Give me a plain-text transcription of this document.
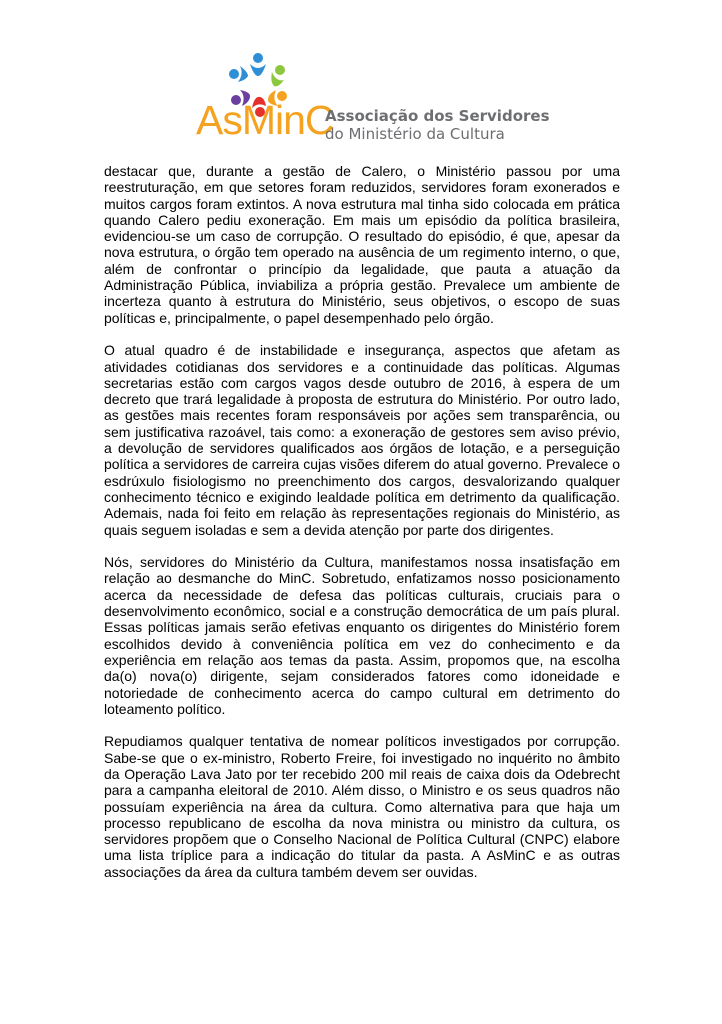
AsMinC
Associação dos Servidores
do Ministério da Cultura

destacar que, durante a gestão de Calero, o Ministério passou por uma reestruturação, em que setores foram reduzidos, servidores foram exonerados e muitos cargos foram extintos. A nova estrutura mal tinha sido colocada em prática quando Calero pediu exoneração. Em mais um episódio da política brasileira, evidenciou-se um caso de corrupção. O resultado do episódio, é que, apesar da nova estrutura, o órgão tem operado na ausência de um regimento interno, o que, além de confrontar o princípio da legalidade, que pauta a atuação da Administração Pública, inviabiliza a própria gestão. Prevalece um ambiente de incerteza quanto à estrutura do Ministério, seus objetivos, o escopo de suas políticas e, principalmente, o papel desempenhado pelo órgão.

O atual quadro é de instabilidade e insegurança, aspectos que afetam as atividades cotidianas dos servidores e a continuidade das políticas. Algumas secretarias estão com cargos vagos desde outubro de 2016, à espera de um decreto que trará legalidade à proposta de estrutura do Ministério. Por outro lado, as gestões mais recentes foram responsáveis por ações sem transparência, ou sem justificativa razoável, tais como: a exoneração de gestores sem aviso prévio, a devolução de servidores qualificados aos órgãos de lotação, e a perseguição política a servidores de carreira cujas visões diferem do atual governo. Prevalece o esdrúxulo fisiologismo no preenchimento dos cargos, desvalorizando qualquer conhecimento técnico e exigindo lealdade política em detrimento da qualificação. Ademais, nada foi feito em relação às representações regionais do Ministério, as quais seguem isoladas e sem a devida atenção por parte dos dirigentes.

Nós, servidores do Ministério da Cultura, manifestamos nossa insatisfação em relação ao desmanche do MinC. Sobretudo, enfatizamos nosso posicionamento acerca da necessidade de defesa das políticas culturais, cruciais para o desenvolvimento econômico, social e a construção democrática de um país plural. Essas políticas jamais serão efetivas enquanto os dirigentes do Ministério forem escolhidos devido à conveniência política em vez do conhecimento e da experiência em relação aos temas da pasta. Assim, propomos que, na escolha da(o) nova(o) dirigente, sejam considerados fatores como idoneidade e notoriedade de conhecimento acerca do campo cultural em detrimento do loteamento político.

Repudiamos qualquer tentativa de nomear políticos investigados por corrupção. Sabe-se que o ex-ministro, Roberto Freire, foi investigado no inquérito no âmbito da Operação Lava Jato por ter recebido 200 mil reais de caixa dois da Odebrecht para a campanha eleitoral de 2010. Além disso, o Ministro e os seus quadros não possuíam experiência na área da cultura. Como alternativa para que haja um processo republicano de escolha da nova ministra ou ministro da cultura, os servidores propõem que o Conselho Nacional de Política Cultural (CNPC) elabore uma lista tríplice para a indicação do titular da pasta. A AsMinC e as outras associações da área da cultura também devem ser ouvidas.
